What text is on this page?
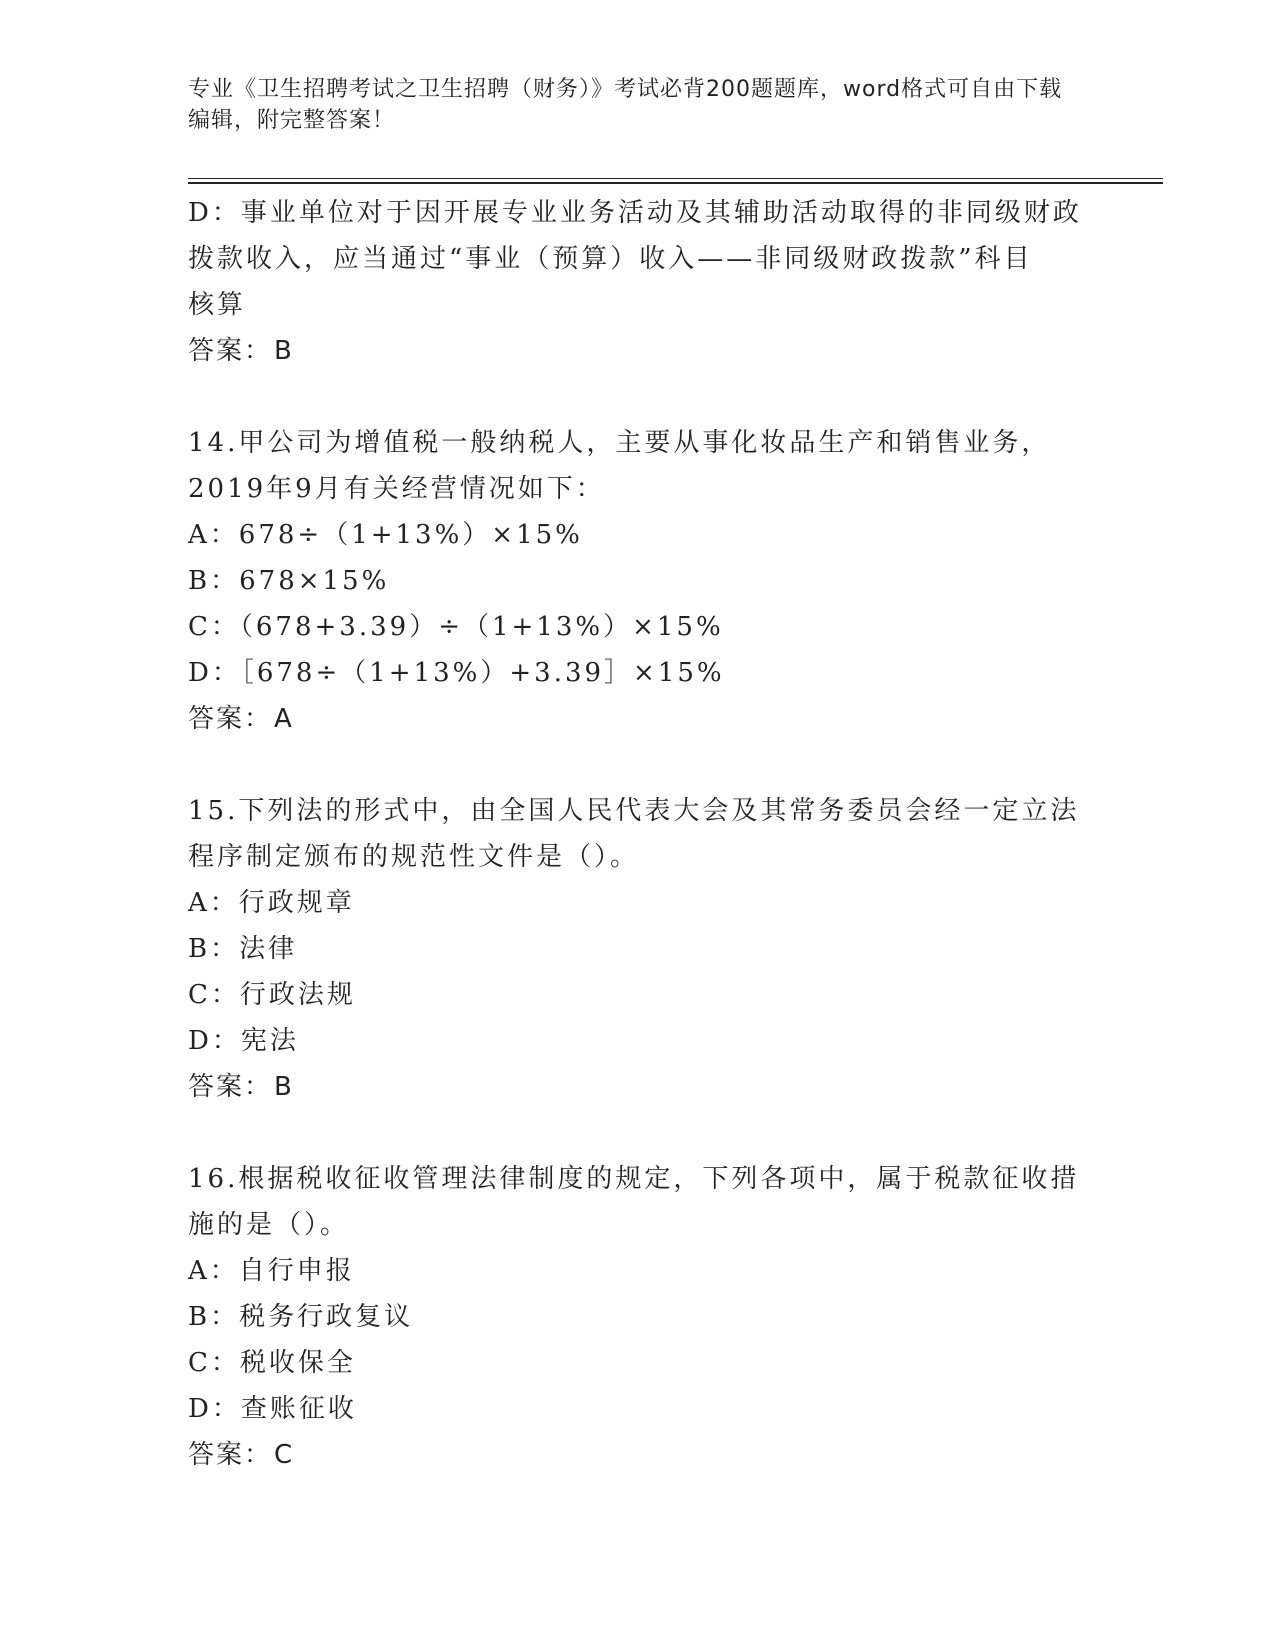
专业《卫生招聘考试之卫生招聘（财务）》考试必背200题题库，word格式可自由下载编辑，附完整答案！
D：事业单位对于因开展专业业务活动及其辅助活动取得的非同级财政
拨款收入，应当通过“事业（预算）收入——非同级财政拨款”科目
核算
答案：B
14.甲公司为增值税一般纳税人，主要从事化妆品生产和销售业务，
2019年9月有关经营情况如下：
A：678÷（1+13%）×15%
B：678×15%
C：（678+3.39）÷（1+13%）×15%
D：［678÷（1+13%）+3.39］×15%
答案：A
15.下列法的形式中，由全国人民代表大会及其常务委员会经一定立法
程序制定颁布的规范性文件是（）。
A：行政规章
B：法律
C：行政法规
D：宪法
答案：B
16.根据税收征收管理法律制度的规定，下列各项中，属于税款征收措
施的是（）。
A：自行申报
B：税务行政复议
C：税收保全
D：查账征收
答案：C
